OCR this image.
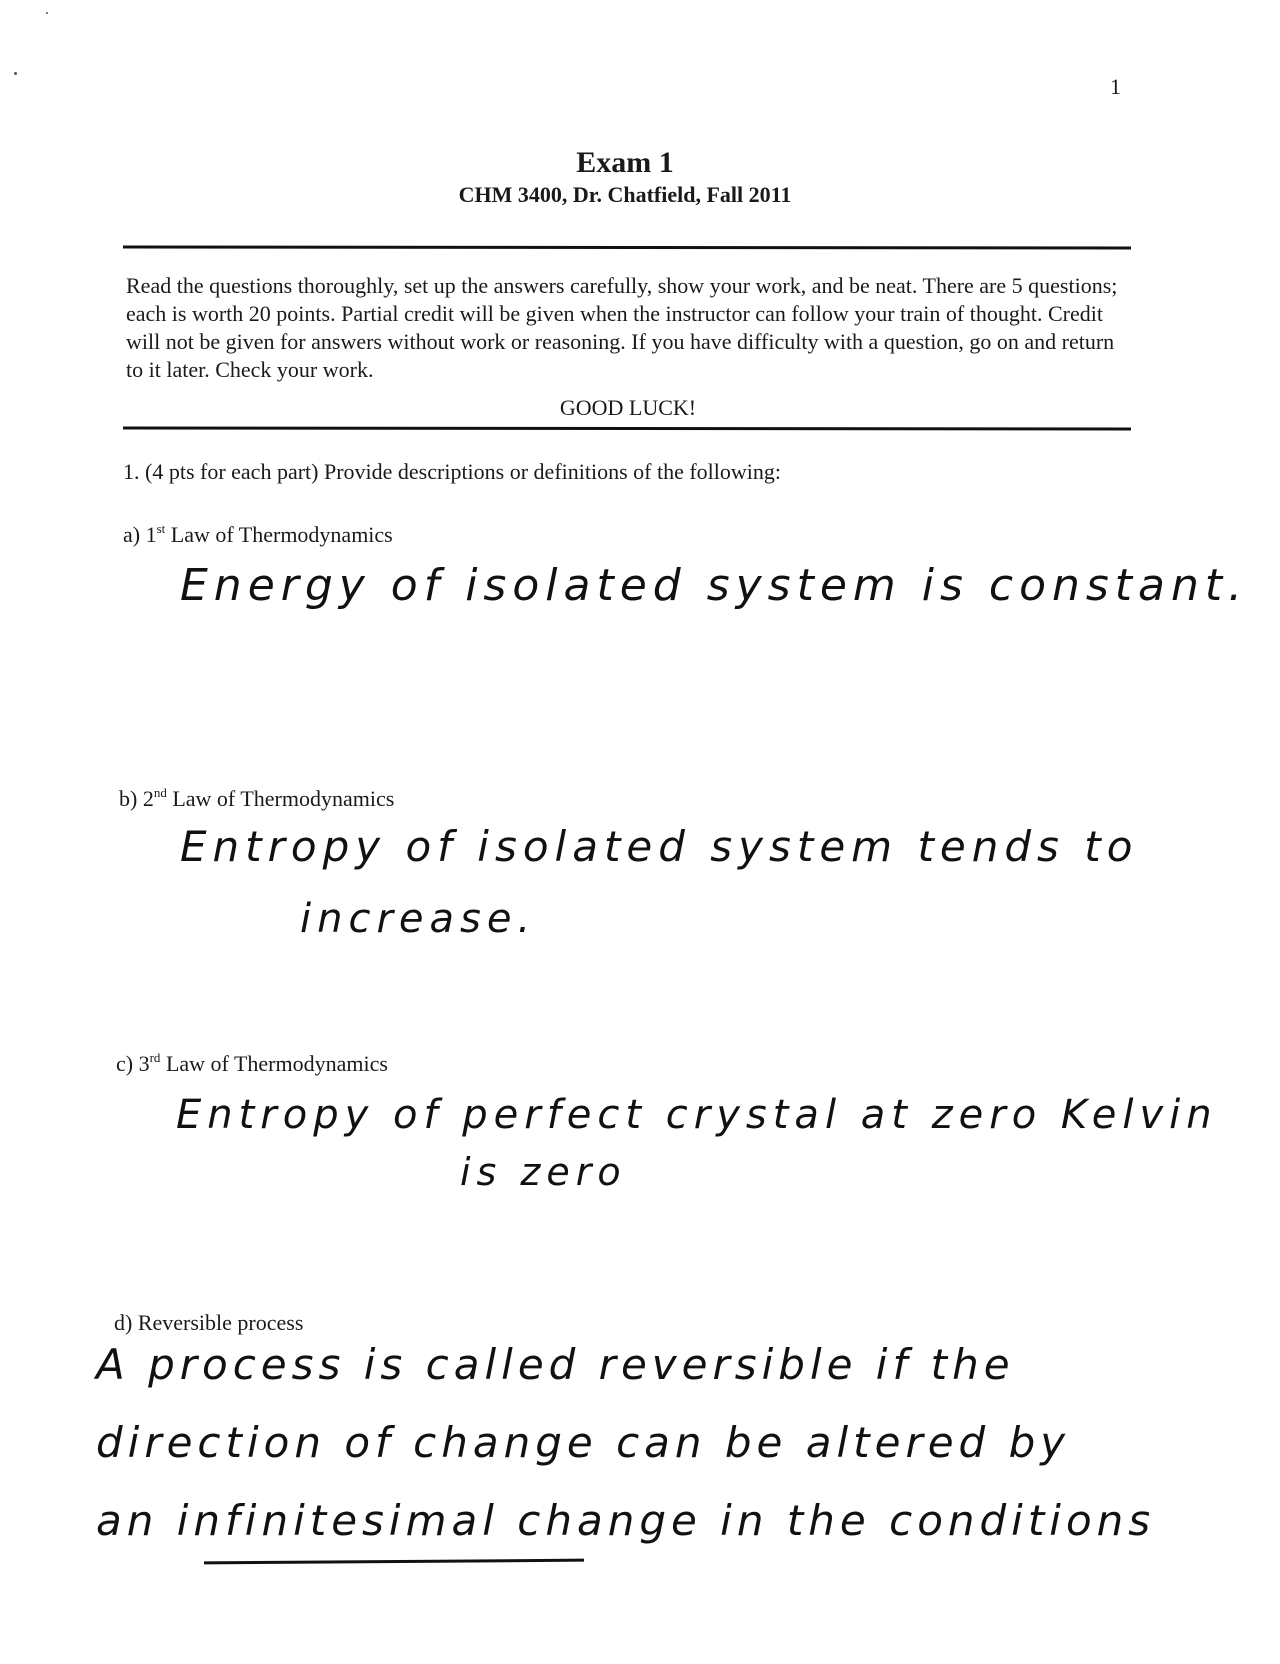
1
Exam 1
CHM 3400, Dr. Chatfield, Fall 2011
Read the questions thoroughly, set up the answers carefully, show your work, and be neat. There are 5 questions; each is worth 20 points. Partial credit will be given when the instructor can follow your train of thought. Credit will not be given for answers without work or reasoning. If you have difficulty with a question, go on and return to it later. Check your work.
GOOD LUCK!
1. (4 pts for each part) Provide descriptions or definitions of the following:
a) 1st Law of Thermodynamics
Energy of isolated system is constant.
b) 2nd Law of Thermodynamics
Entropy of isolated system tends to
increase.
c) 3rd Law of Thermodynamics
Entropy of perfect crystal at zero Kelvin
is zero
d) Reversible process
A process is called reversible if the
direction of change can be altered by
an infinitesimal change in the conditions
